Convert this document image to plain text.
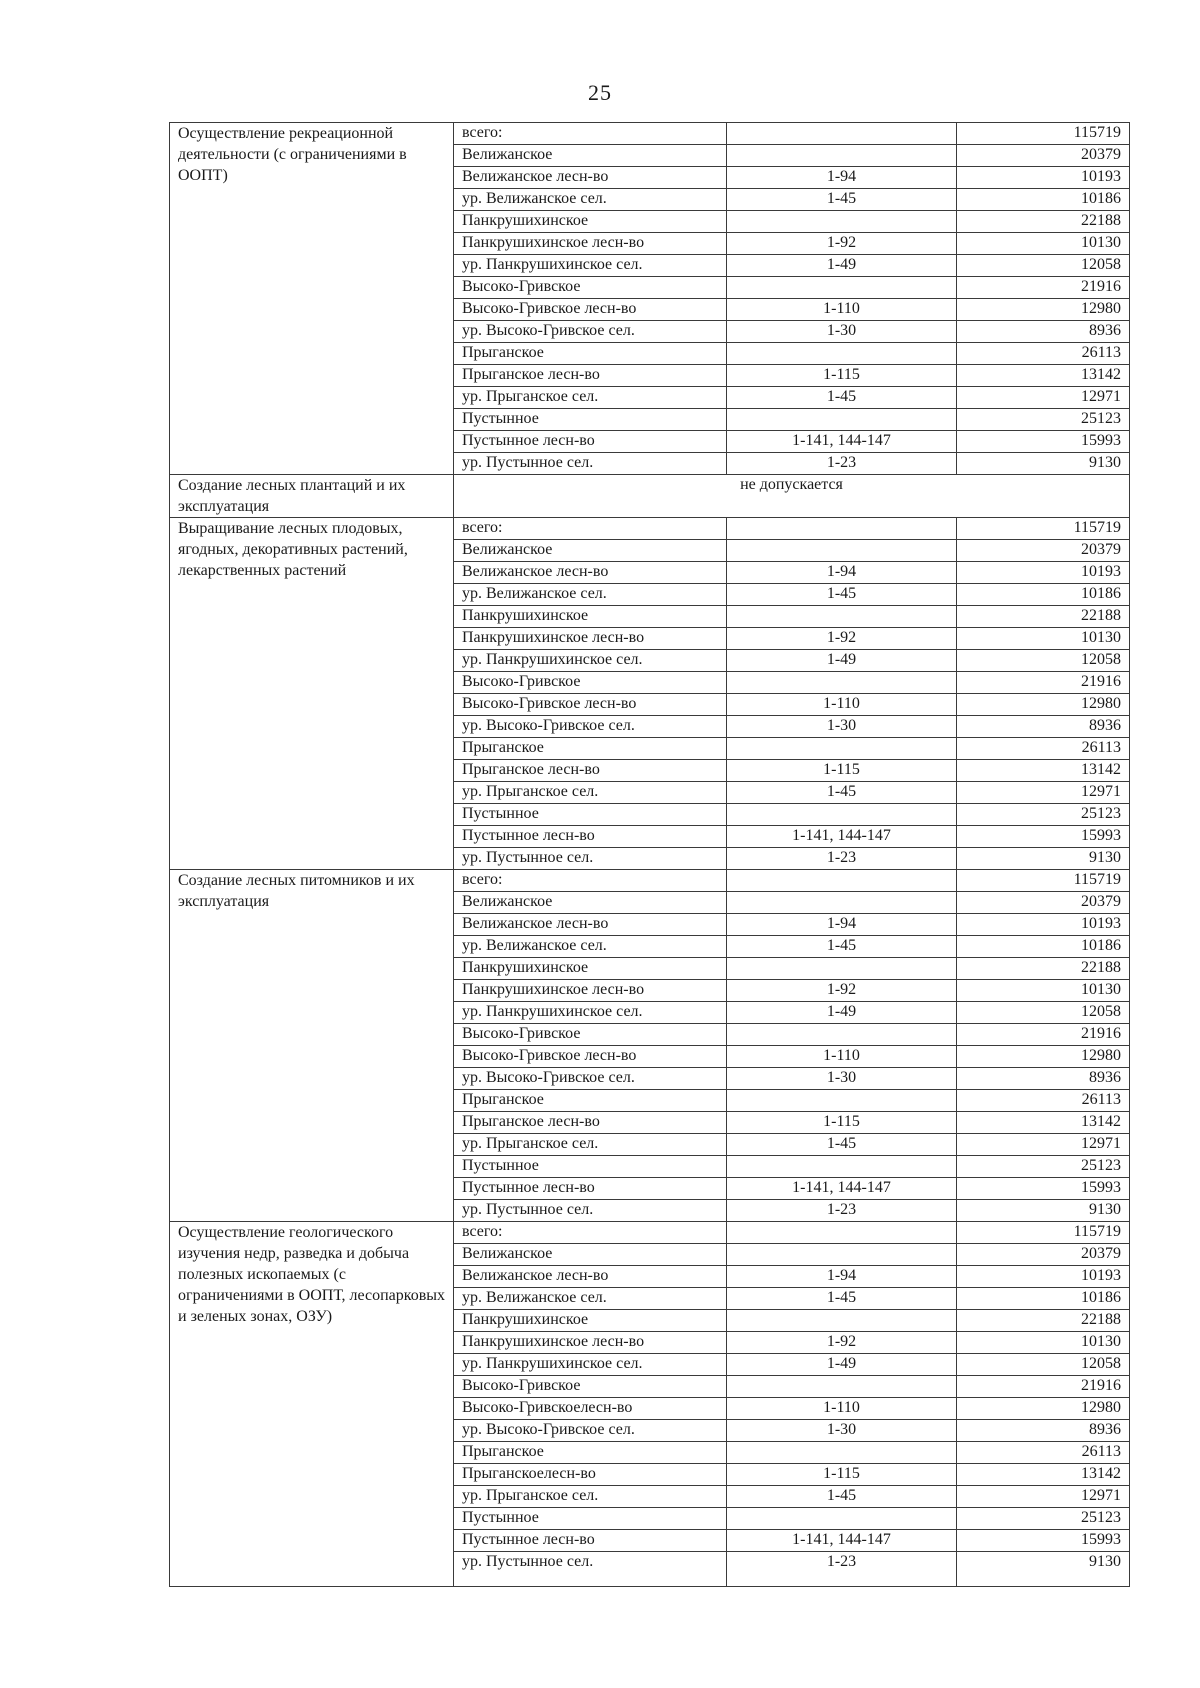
25
Осуществление рекреационной деятельности (с ограничениями в ООПТ)	всего:		115719
	Велижанское		20379
	Велижанское лесн-во	1-94	10193
	ур. Велижанское сел.	1-45	10186
	Панкрушихинское		22188
	Панкрушихинское лесн-во	1-92	10130
	ур. Панкрушихинское сел.	1-49	12058
	Высоко-Гривское		21916
	Высоко-Гривское лесн-во	1-110	12980
	ур. Высоко-Гривское сел.	1-30	8936
	Прыганское		26113
	Прыганское лесн-во	1-115	13142
	ур. Прыганское сел.	1-45	12971
	Пустынное		25123
	Пустынное лесн-во	1-141, 144-147	15993
	ур. Пустынное сел.	1-23	9130
Создание лесных плантаций и их эксплуатация	не допускается		
Выращивание лесных плодовых, ягодных, декоративных растений, лекарственных растений	всего:		115719
	Велижанское		20379
	Велижанское лесн-во	1-94	10193
	ур. Велижанское сел.	1-45	10186
	Панкрушихинское		22188
	Панкрушихинское лесн-во	1-92	10130
	ур. Панкрушихинское сел.	1-49	12058
	Высоко-Гривское		21916
	Высоко-Гривское лесн-во	1-110	12980
	ур. Высоко-Гривское сел.	1-30	8936
	Прыганское		26113
	Прыганское лесн-во	1-115	13142
	ур. Прыганское сел.	1-45	12971
	Пустынное		25123
	Пустынное лесн-во	1-141, 144-147	15993
	ур. Пустынное сел.	1-23	9130
Создание лесных питомников и их эксплуатация	всего:		115719
	Велижанское		20379
	Велижанское лесн-во	1-94	10193
	ур. Велижанское сел.	1-45	10186
	Панкрушихинское		22188
	Панкрушихинское лесн-во	1-92	10130
	ур. Панкрушихинское сел.	1-49	12058
	Высоко-Гривское		21916
	Высоко-Гривское лесн-во	1-110	12980
	ур. Высоко-Гривское сел.	1-30	8936
	Прыганское		26113
	Прыганское лесн-во	1-115	13142
	ур. Прыганское сел.	1-45	12971
	Пустынное		25123
	Пустынное лесн-во	1-141, 144-147	15993
	ур. Пустынное сел.	1-23	9130
Осуществление геологического изучения недр, разведка и добыча полезных ископаемых (с ограничениями в ООПТ, лесопарковых и зеленых зонах, ОЗУ)	всего:		115719
	Велижанское		20379
	Велижанское лесн-во	1-94	10193
	ур. Велижанское сел.	1-45	10186
	Панкрушихинское		22188
	Панкрушихинское лесн-во	1-92	10130
	ур. Панкрушихинское сел.	1-49	12058
	Высоко-Гривское		21916
	Высоко-Гривскоелесн-во	1-110	12980
	ур. Высоко-Гривское сел.	1-30	8936
	Прыганское		26113
	Прыганскоелесн-во	1-115	13142
	ур. Прыганское сел.	1-45	12971
	Пустынное		25123
	Пустынное лесн-во	1-141, 144-147	15993
	ур. Пустынное сел.	1-23	9130
